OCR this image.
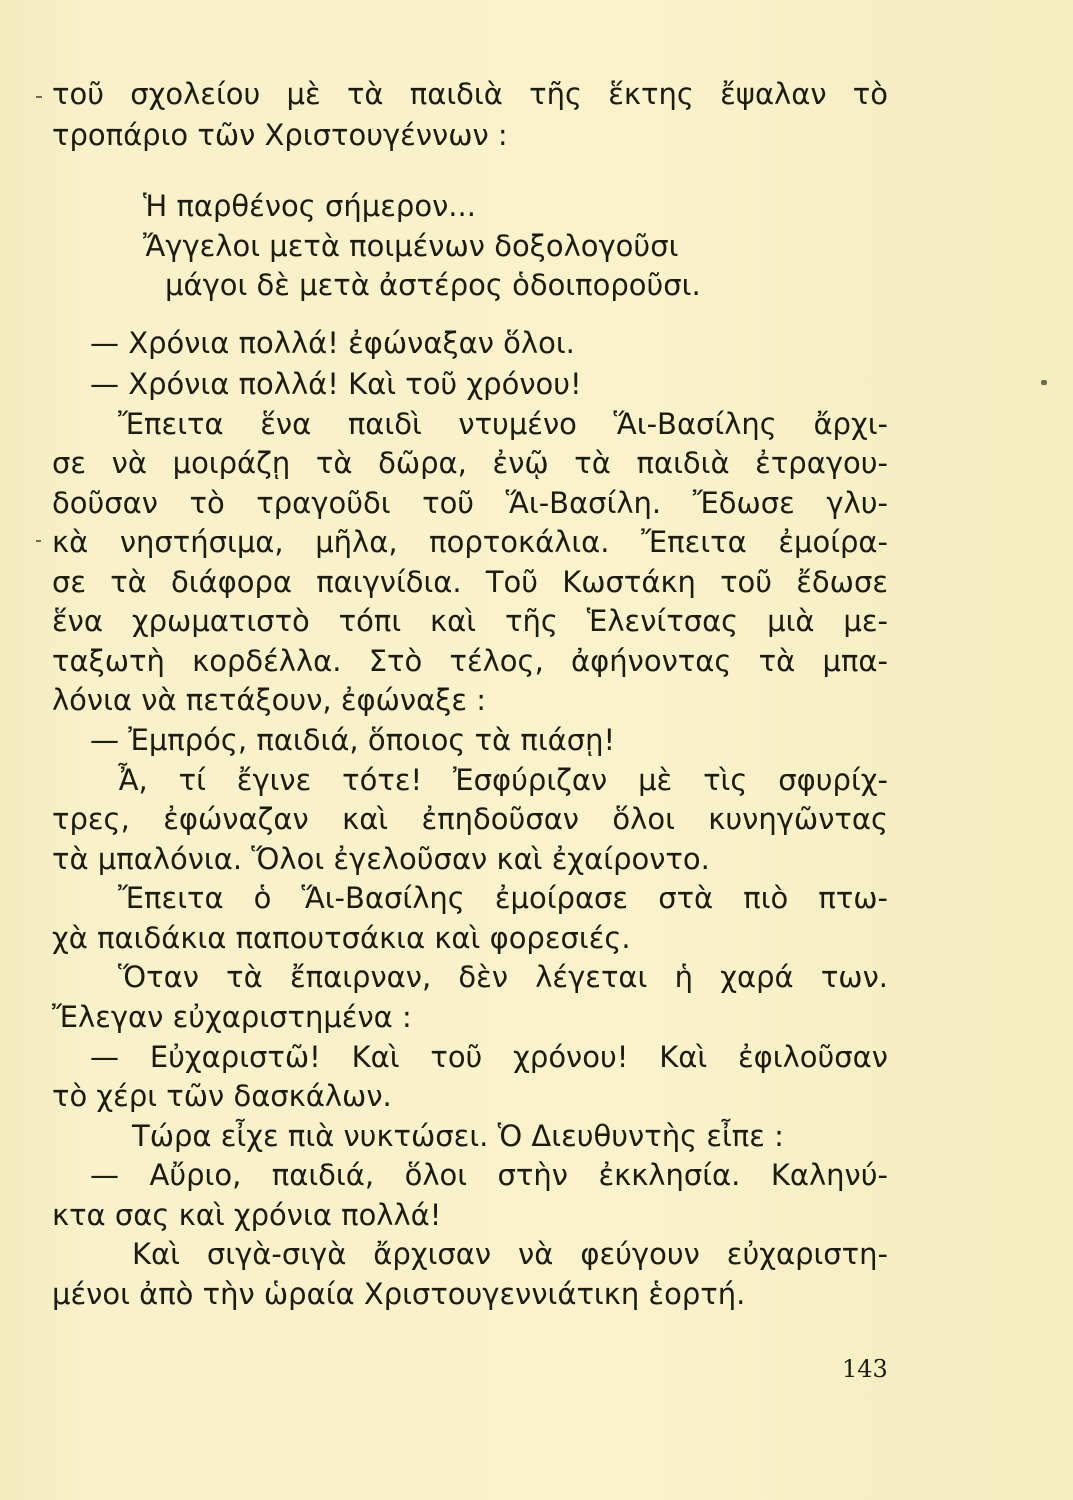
τοῦ σχολείου μὲ τὰ παιδιὰ τῆς ἕκτης ἔψαλαν τὸ
τροπάριο τῶν Χριστουγέννων :
Ἡ παρθένος σήμερον...
Ἄγγελοι μετὰ ποιμένων δοξολογοῦσι
μάγοι δὲ μετὰ ἀστέρος ὁδοιποροῦσι.
— Χρόνια πολλά! ἐφώναξαν ὅλοι.
— Χρόνια πολλά! Καὶ τοῦ χρόνου!
Ἔπειτα ἕνα παιδὶ ντυμένο Ἅι-Βασίλης ἄρχι-
σε νὰ μοιράζῃ τὰ δῶρα, ἐνῷ τὰ παιδιὰ ἐτραγου-
δοῦσαν τὸ τραγοῦδι τοῦ Ἅι-Βασίλη. Ἔδωσε γλυ-
κὰ νηστήσιμα, μῆλα, πορτοκάλια. Ἔπειτα ἐμοίρα-
σε τὰ διάφορα παιγνίδια. Τοῦ Κωστάκη τοῦ ἔδωσε
ἕνα χρωματιστὸ τόπι καὶ τῆς Ἑλενίτσας μιὰ με-
ταξωτὴ κορδέλλα. Στὸ τέλος, ἀφήνοντας τὰ μπα-
λόνια νὰ πετάξουν, ἐφώναξε :
— Ἐμπρός, παιδιά, ὅποιος τὰ πιάσῃ!
Ἆ, τί ἔγινε τότε! Ἐσφύριζαν μὲ τὶς σφυρίχ-
τρες, ἐφώναζαν καὶ ἐπηδοῦσαν ὅλοι κυνηγῶντας
τὰ μπαλόνια. Ὅλοι ἐγελοῦσαν καὶ ἐχαίροντο.
Ἔπειτα ὁ Ἅι-Βασίλης ἐμοίρασε στὰ πιὸ πτω-
χὰ παιδάκια παπουτσάκια καὶ φορεσιές.
Ὅταν τὰ ἔπαιρναν, δὲν λέγεται ἡ χαρά των.
Ἔλεγαν εὐχαριστημένα :
— Εὐχαριστῶ! Καὶ τοῦ χρόνου! Καὶ ἐφιλοῦσαν
τὸ χέρι τῶν δασκάλων.
Τώρα εἶχε πιὰ νυκτώσει. Ὁ Διευθυντὴς εἶπε :
— Αὔριο, παιδιά, ὅλοι στὴν ἐκκλησία. Καληνύ-
κτα σας καὶ χρόνια πολλά!
Καὶ σιγὰ-σιγὰ ἄρχισαν νὰ φεύγουν εὐχαριστη-
μένοι ἀπὸ τὴν ὡραία Χριστουγεννιάτικη ἑορτή.
143
